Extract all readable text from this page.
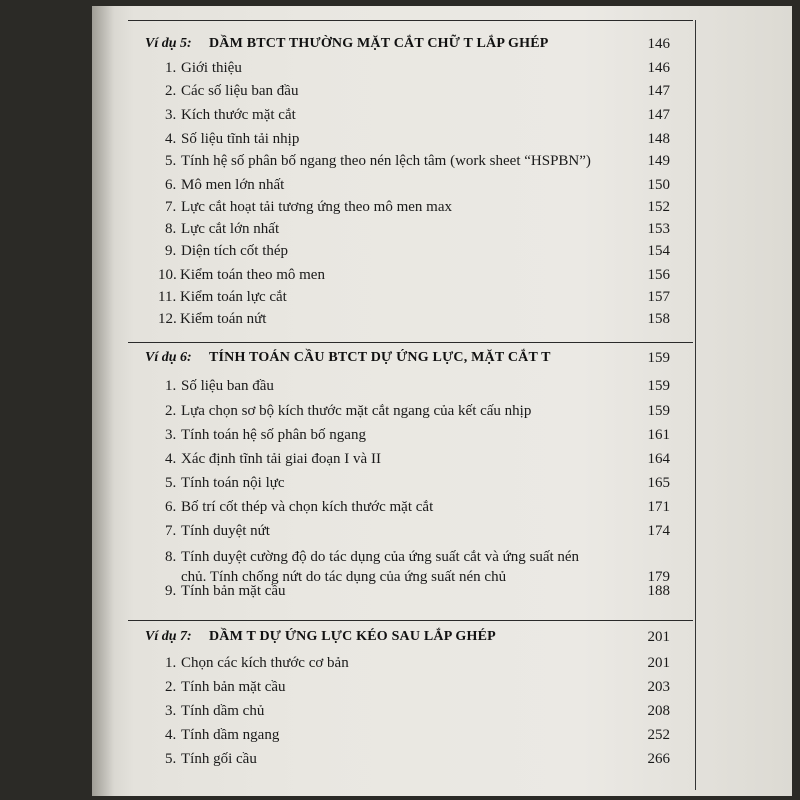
Ví dụ 5: DẦM BTCT THƯỜNG MẶT CẮT CHỮ T LẮP GHÉP	146
1. Giới thiệu	146
2. Các số liệu ban đầu	147
3. Kích thước mặt cắt	147
4. Số liệu tĩnh tải nhịp	148
5. Tính hệ số phân bố ngang theo nén lệch tâm (work sheet “HSPBN”)	149
6. Mô men lớn nhất	150
7. Lực cắt hoạt tải tương ứng theo mô men max	152
8. Lực cắt lớn nhất	153
9. Diện tích cốt thép	154
10. Kiểm toán theo mô men	156
11. Kiểm toán lực cắt	157
12. Kiểm toán nứt	158
Ví dụ 6: TÍNH TOÁN CẦU BTCT DỰ ỨNG LỰC, MẶT CẮT T	159
1. Số liệu ban đầu	159
2. Lựa chọn sơ bộ kích thước mặt cắt ngang của kết cấu nhịp	159
3. Tính toán hệ số phân bố ngang	161
4. Xác định tĩnh tải giai đoạn I và II	164
5. Tính toán nội lực	165
6. Bố trí cốt thép và chọn kích thước mặt cắt	171
7. Tính duyệt nứt	174
8. Tính duyệt cường độ do tác dụng của ứng suất cắt và ứng suất nén
chủ. Tính chống nứt do tác dụng của ứng suất nén chủ	179
9. Tính bản mặt cầu	188
Ví dụ 7: DẦM T DỰ ỨNG LỰC KÉO SAU LẮP GHÉP	201
1. Chọn các kích thước cơ bản	201
2. Tính bản mặt cầu	203
3. Tính dầm chủ	208
4. Tính dầm ngang	252
5. Tính gối cầu	266
